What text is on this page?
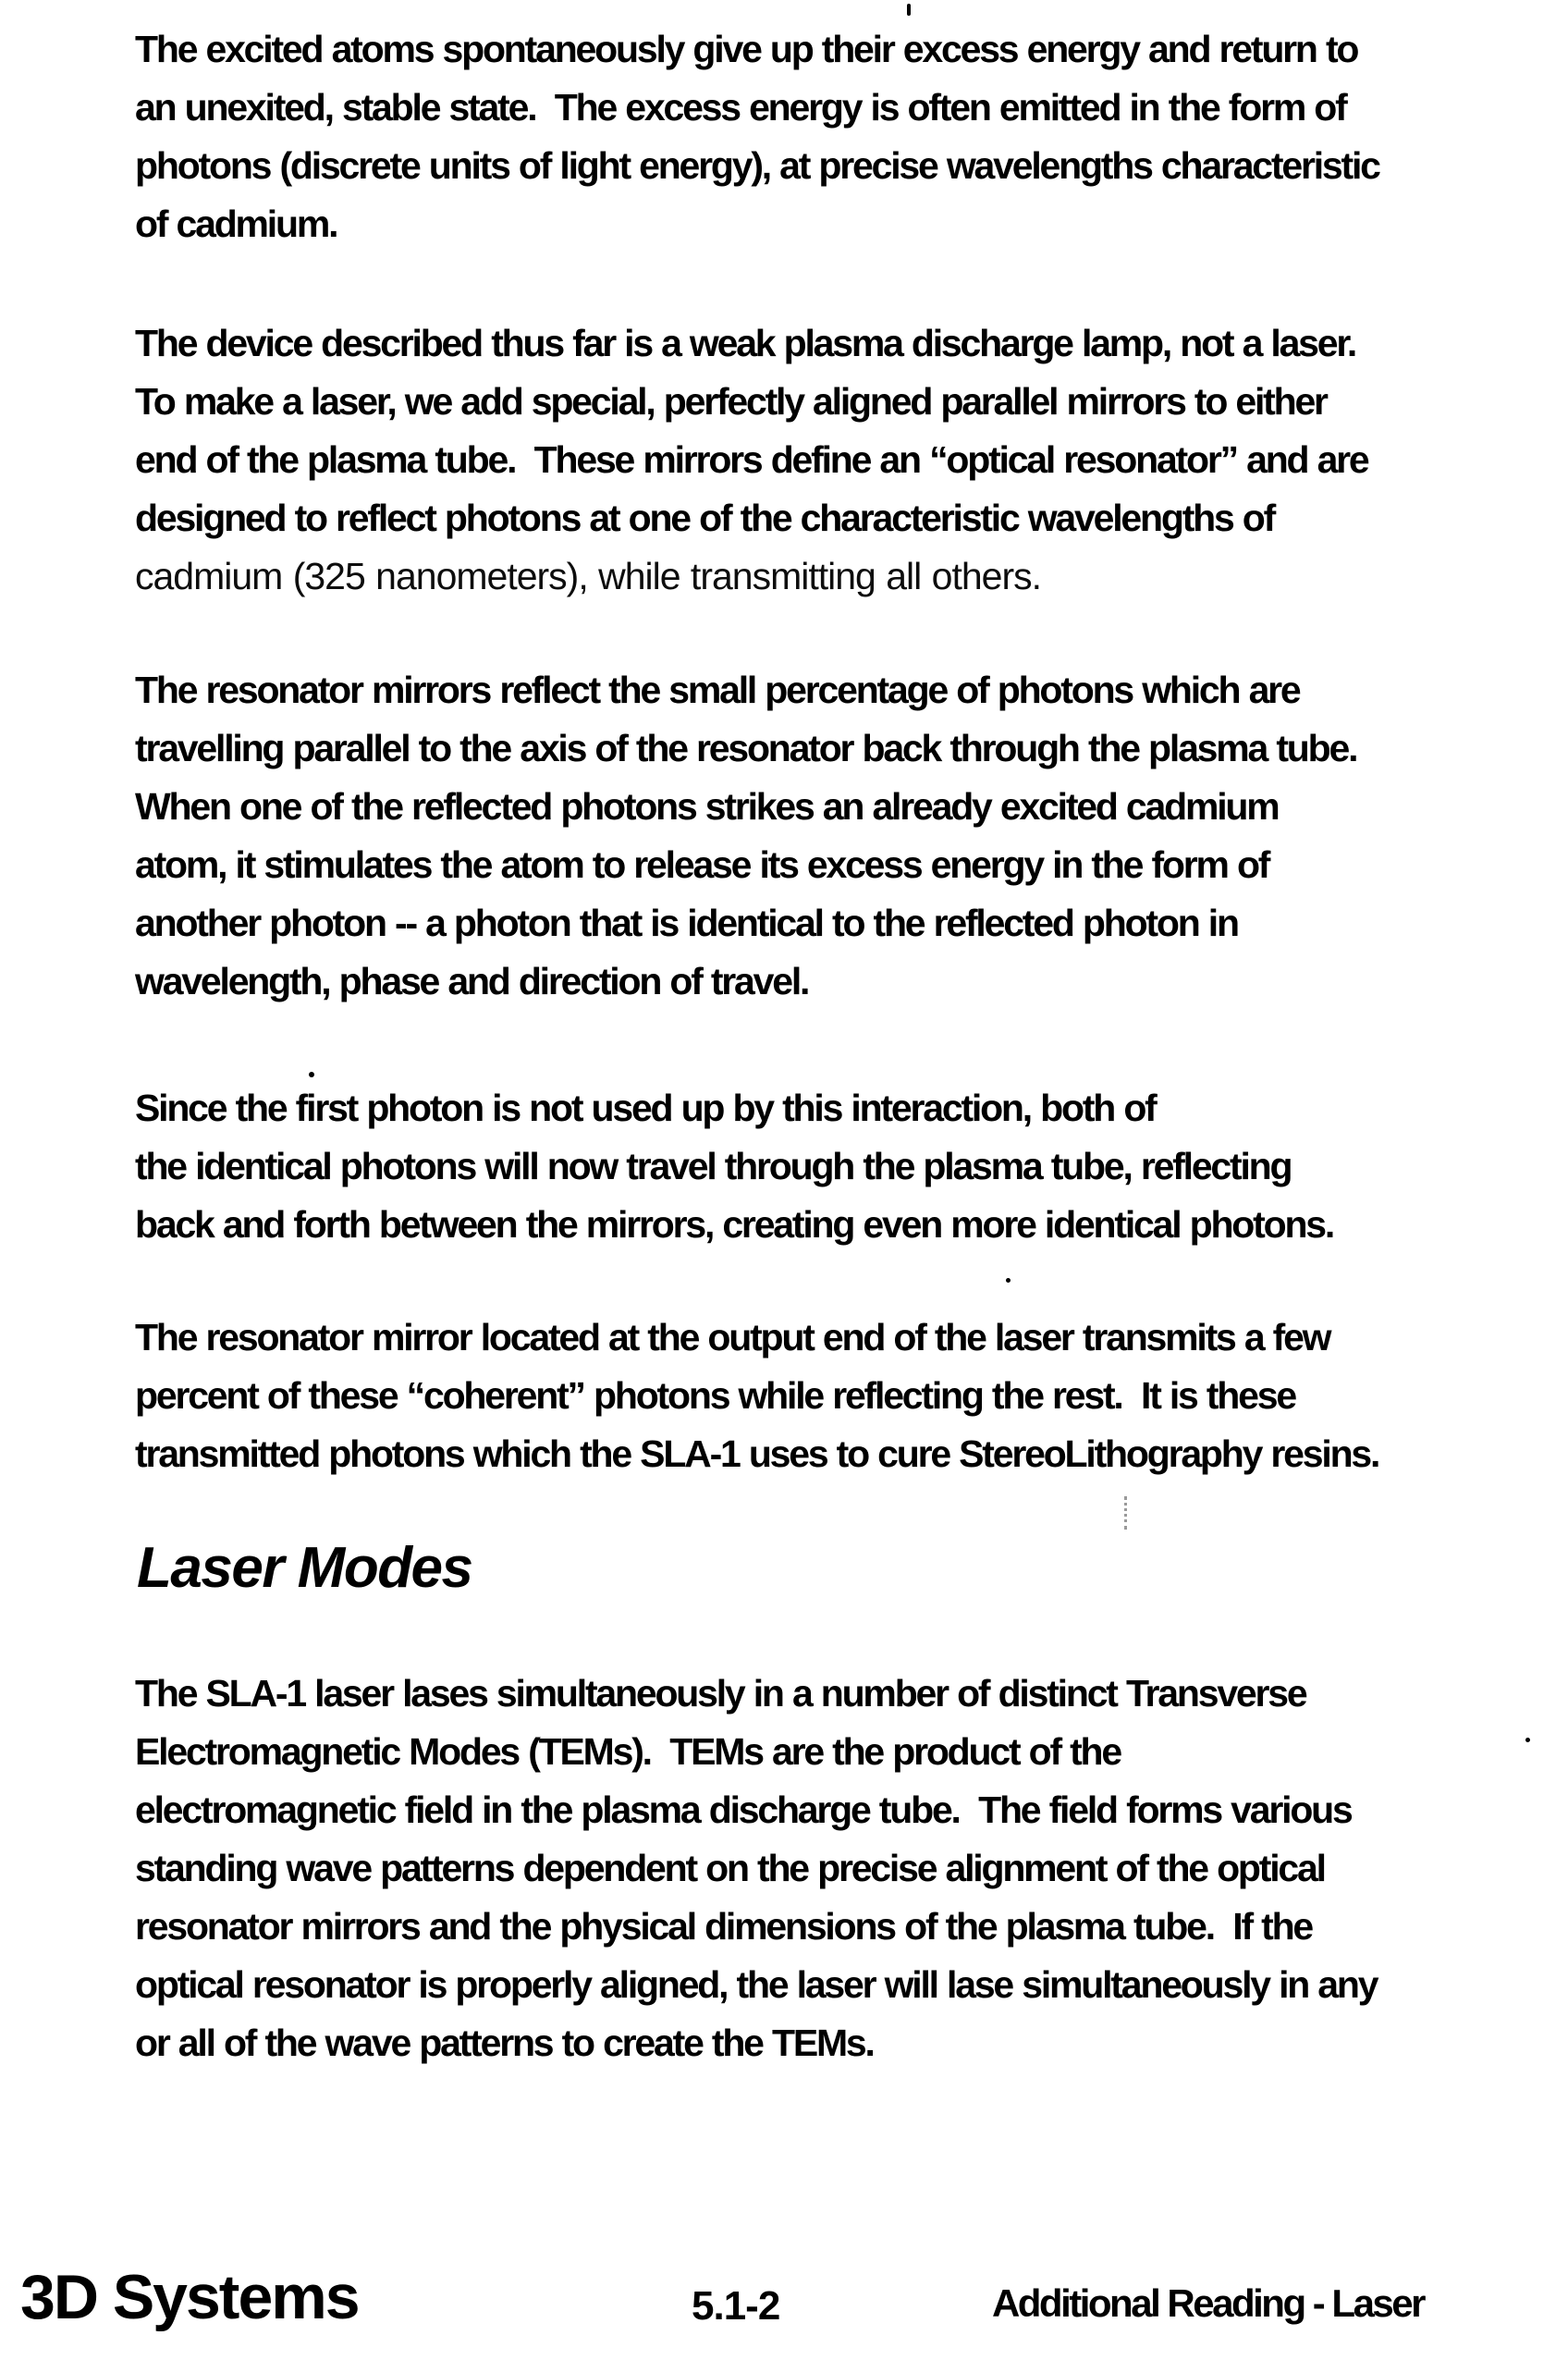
The excited atoms spontaneously give up their excess energy and return to
an unexited, stable state.  The excess energy is often emitted in the form of
photons (discrete units of light energy), at precise wavelengths characteristic
of cadmium.

The device described thus far is a weak plasma discharge lamp, not a laser.
To make a laser, we add special, perfectly aligned parallel mirrors to either
end of the plasma tube.  These mirrors define an “optical resonator” and are
designed to reflect photons at one of the characteristic wavelengths of

cadmium (325 nanometers), while transmitting all others.

The resonator mirrors reflect the small percentage of photons which are
travelling parallel to the axis of the resonator back through the plasma tube.
When one of the reflected photons strikes an already excited cadmium
atom, it stimulates the atom to release its excess energy in the form of
another photon -- a photon that is identical to the reflected photon in
wavelength, phase and direction of travel.

Since the first photon is not used up by this interaction, both of
the identical photons will now travel through the plasma tube, reflecting
back and forth between the mirrors, creating even more identical photons.

The resonator mirror located at the output end of the laser transmits a few
percent of these “coherent” photons while reflecting the rest.  It is these
transmitted photons which the SLA-1 uses to cure StereoLithography resins.

Laser Modes

The SLA-1 laser lases simultaneously in a number of distinct Transverse
Electromagnetic Modes (TEMs).  TEMs are the product of the
electromagnetic field in the plasma discharge tube.  The field forms various
standing wave patterns dependent on the precise alignment of the optical
resonator mirrors and the physical dimensions of the plasma tube.  If the
optical resonator is properly aligned, the laser will lase simultaneously in any
or all of the wave patterns to create the TEMs.

3D Systems	5.1-2	Additional Reading - Laser
